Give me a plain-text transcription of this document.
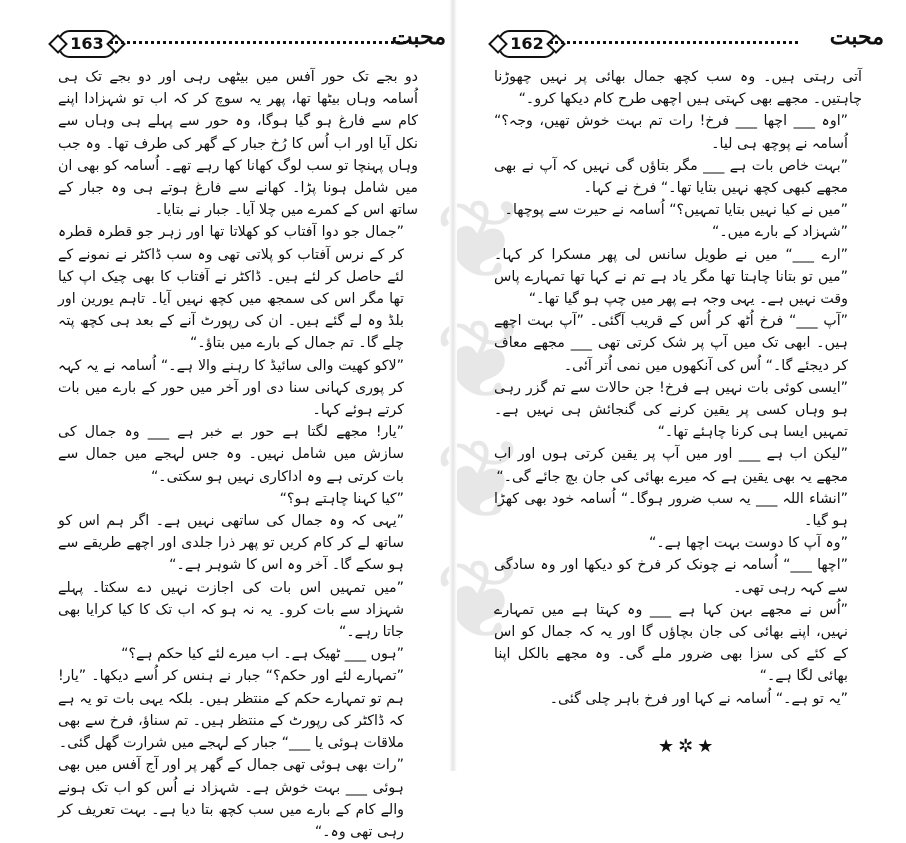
❦
❦
❦
❦
163	محبت

دو بجے تک حور آفس میں بیٹھی رہی اور دو بجے تک ہی اُسامہ وہاں بیٹھا تھا، پھر یہ سوچ کر کہ اب تو شہزادا اپنے کام سے فارغ ہو گیا ہوگا، وہ حور سے پہلے ہی وہاں سے نکل آیا اور اب اُس کا رُخ جبار کے گھر کی طرف تھا۔ وہ جب وہاں پہنچا تو سب لوگ کھانا کھا رہے تھے۔ اُسامہ کو بھی ان میں شامل ہونا پڑا۔ کھانے سے فارغ ہوتے ہی وہ جبار کے ساتھ اس کے کمرے میں چلا آیا۔ جبار نے بتایا۔

”جمال جو دوا آفتاب کو کھلاتا تھا اور زہر جو قطرہ قطرہ کر کے نرس آفتاب کو پلاتی تھی وہ سب ڈاکٹر نے نمونے کے لئے حاصل کر لئے ہیں۔ ڈاکٹر نے آفتاب کا بھی چیک اپ کیا تھا مگر اس کی سمجھ میں کچھ نہیں آیا۔ تاہم یورین اور بلڈ وہ لے گئے ہیں۔ ان کی رپورٹ آنے کے بعد ہی کچھ پتہ چلے گا۔ تم جمال کے بارے میں بتاؤ۔“

”لاکو کھیت والی سائیڈ کا رہنے والا ہے۔“ اُسامہ نے یہ کہہ کر پوری کہانی سنا دی اور آخر میں حور کے بارے میں بات کرتے ہوئے کہا۔

”یار! مجھے لگتا ہے حور بے خبر ہے ___ وہ جمال کی سازش میں شامل نہیں۔ وہ جس لہجے میں جمال سے بات کرتی ہے وہ اداکاری نہیں ہو سکتی۔“

”کیا کہنا چاہتے ہو؟“

”یہی کہ وہ جمال کی ساتھی نہیں ہے۔ اگر ہم اس کو ساتھ لے کر کام کریں تو پھر ذرا جلدی اور اچھے طریقے سے ہو سکے گا۔ آخر وہ اس کا شوہر ہے۔“

”میں تمہیں اس بات کی اجازت نہیں دے سکتا۔ پہلے شہزاد سے بات کرو۔ یہ نہ ہو کہ اب تک کا کیا کرایا بھی جاتا رہے۔“

”ہوں ___ ٹھیک ہے۔ اب میرے لئے کیا حکم ہے؟“

”تمہارے لئے اور حکم؟“ جبار نے ہنس کر اُسے دیکھا۔ ”یار! ہم تو تمہارے حکم کے منتظر ہیں۔ بلکہ یہی بات تو یہ ہے کہ ڈاکٹر کی رپورٹ کے منتظر ہیں۔ تم سناؤ، فرخ سے بھی ملاقات ہوئی یا ___“ جبار کے لہجے میں شرارت گھل گئی۔

”رات بھی ہوئی تھی جمال کے گھر پر اور آج آفس میں بھی ہوئی ___ بہت خوش ہے۔ شہزاد نے اُس کو اب تک ہونے والے کام کے بارے میں سب کچھ بتا دیا ہے۔ بہت تعریف کر رہی تھی وہ۔“

162	محبت

آتی رہتی ہیں۔ وہ سب کچھ جمال بھائی پر نہیں چھوڑنا چاہتیں۔ مجھے بھی کہتی ہیں اچھی طرح کام دیکھا کرو۔“

”اوہ ___ اچھا ___ فرخ! رات تم بہت خوش تھیں، وجہ؟“ اُسامہ نے پوچھ ہی لیا۔

”بہت خاص بات ہے ___ مگر بتاؤں گی نہیں کہ آپ نے بھی مجھے کبھی کچھ نہیں بتایا تھا۔“ فرخ نے کہا۔

”میں نے کیا نہیں بتایا تمہیں؟“ اُسامہ نے حیرت سے پوچھا۔

”شہزاد کے بارے میں۔“

”ارے ___“ میں نے طویل سانس لی پھر مسکرا کر کہا۔ ”میں تو بتانا چاہتا تھا مگر یاد ہے تم نے کہا تھا تمہارے پاس وقت نہیں ہے۔ یہی وجہ ہے پھر میں چپ ہو گیا تھا۔“

”آپ ___“ فرخ اُٹھ کر اُس کے قریب آگئی۔ ”آپ بہت اچھے ہیں۔ ابھی تک میں آپ پر شک کرتی تھی ___ مجھے معاف کر دیجئے گا۔“ اُس کی آنکھوں میں نمی اُتر آئی۔

”ایسی کوئی بات نہیں ہے فرخ! جن حالات سے تم گزر رہی ہو وہاں کسی پر یقین کرنے کی گنجائش ہی نہیں ہے۔ تمہیں ایسا ہی کرنا چاہئے تھا۔“

”لیکن اب ہے ___ اور میں آپ پر یقین کرتی ہوں اور اب مجھے یہ بھی یقین ہے کہ میرے بھائی کی جان بچ جائے گی۔“

”انشاء اللہ ___ یہ سب ضرور ہوگا۔“ اُسامہ خود بھی کھڑا ہو گیا۔

”وہ آپ کا دوست بہت اچھا ہے۔“

”اچھا ___“ اُسامہ نے چونک کر فرخ کو دیکھا اور وہ سادگی سے کہہ رہی تھی۔

”اُس نے مجھے بہن کہا ہے ___ وہ کہتا ہے میں تمہارے نہیں، اپنے بھائی کی جان بچاؤں گا اور یہ کہ جمال کو اس کے کئے کی سزا بھی ضرور ملے گی۔ وہ مجھے بالکل اپنا بھائی لگا ہے۔“

”یہ تو ہے۔“ اُسامہ نے کہا اور فرخ باہر چلی گئی۔

★✲★
